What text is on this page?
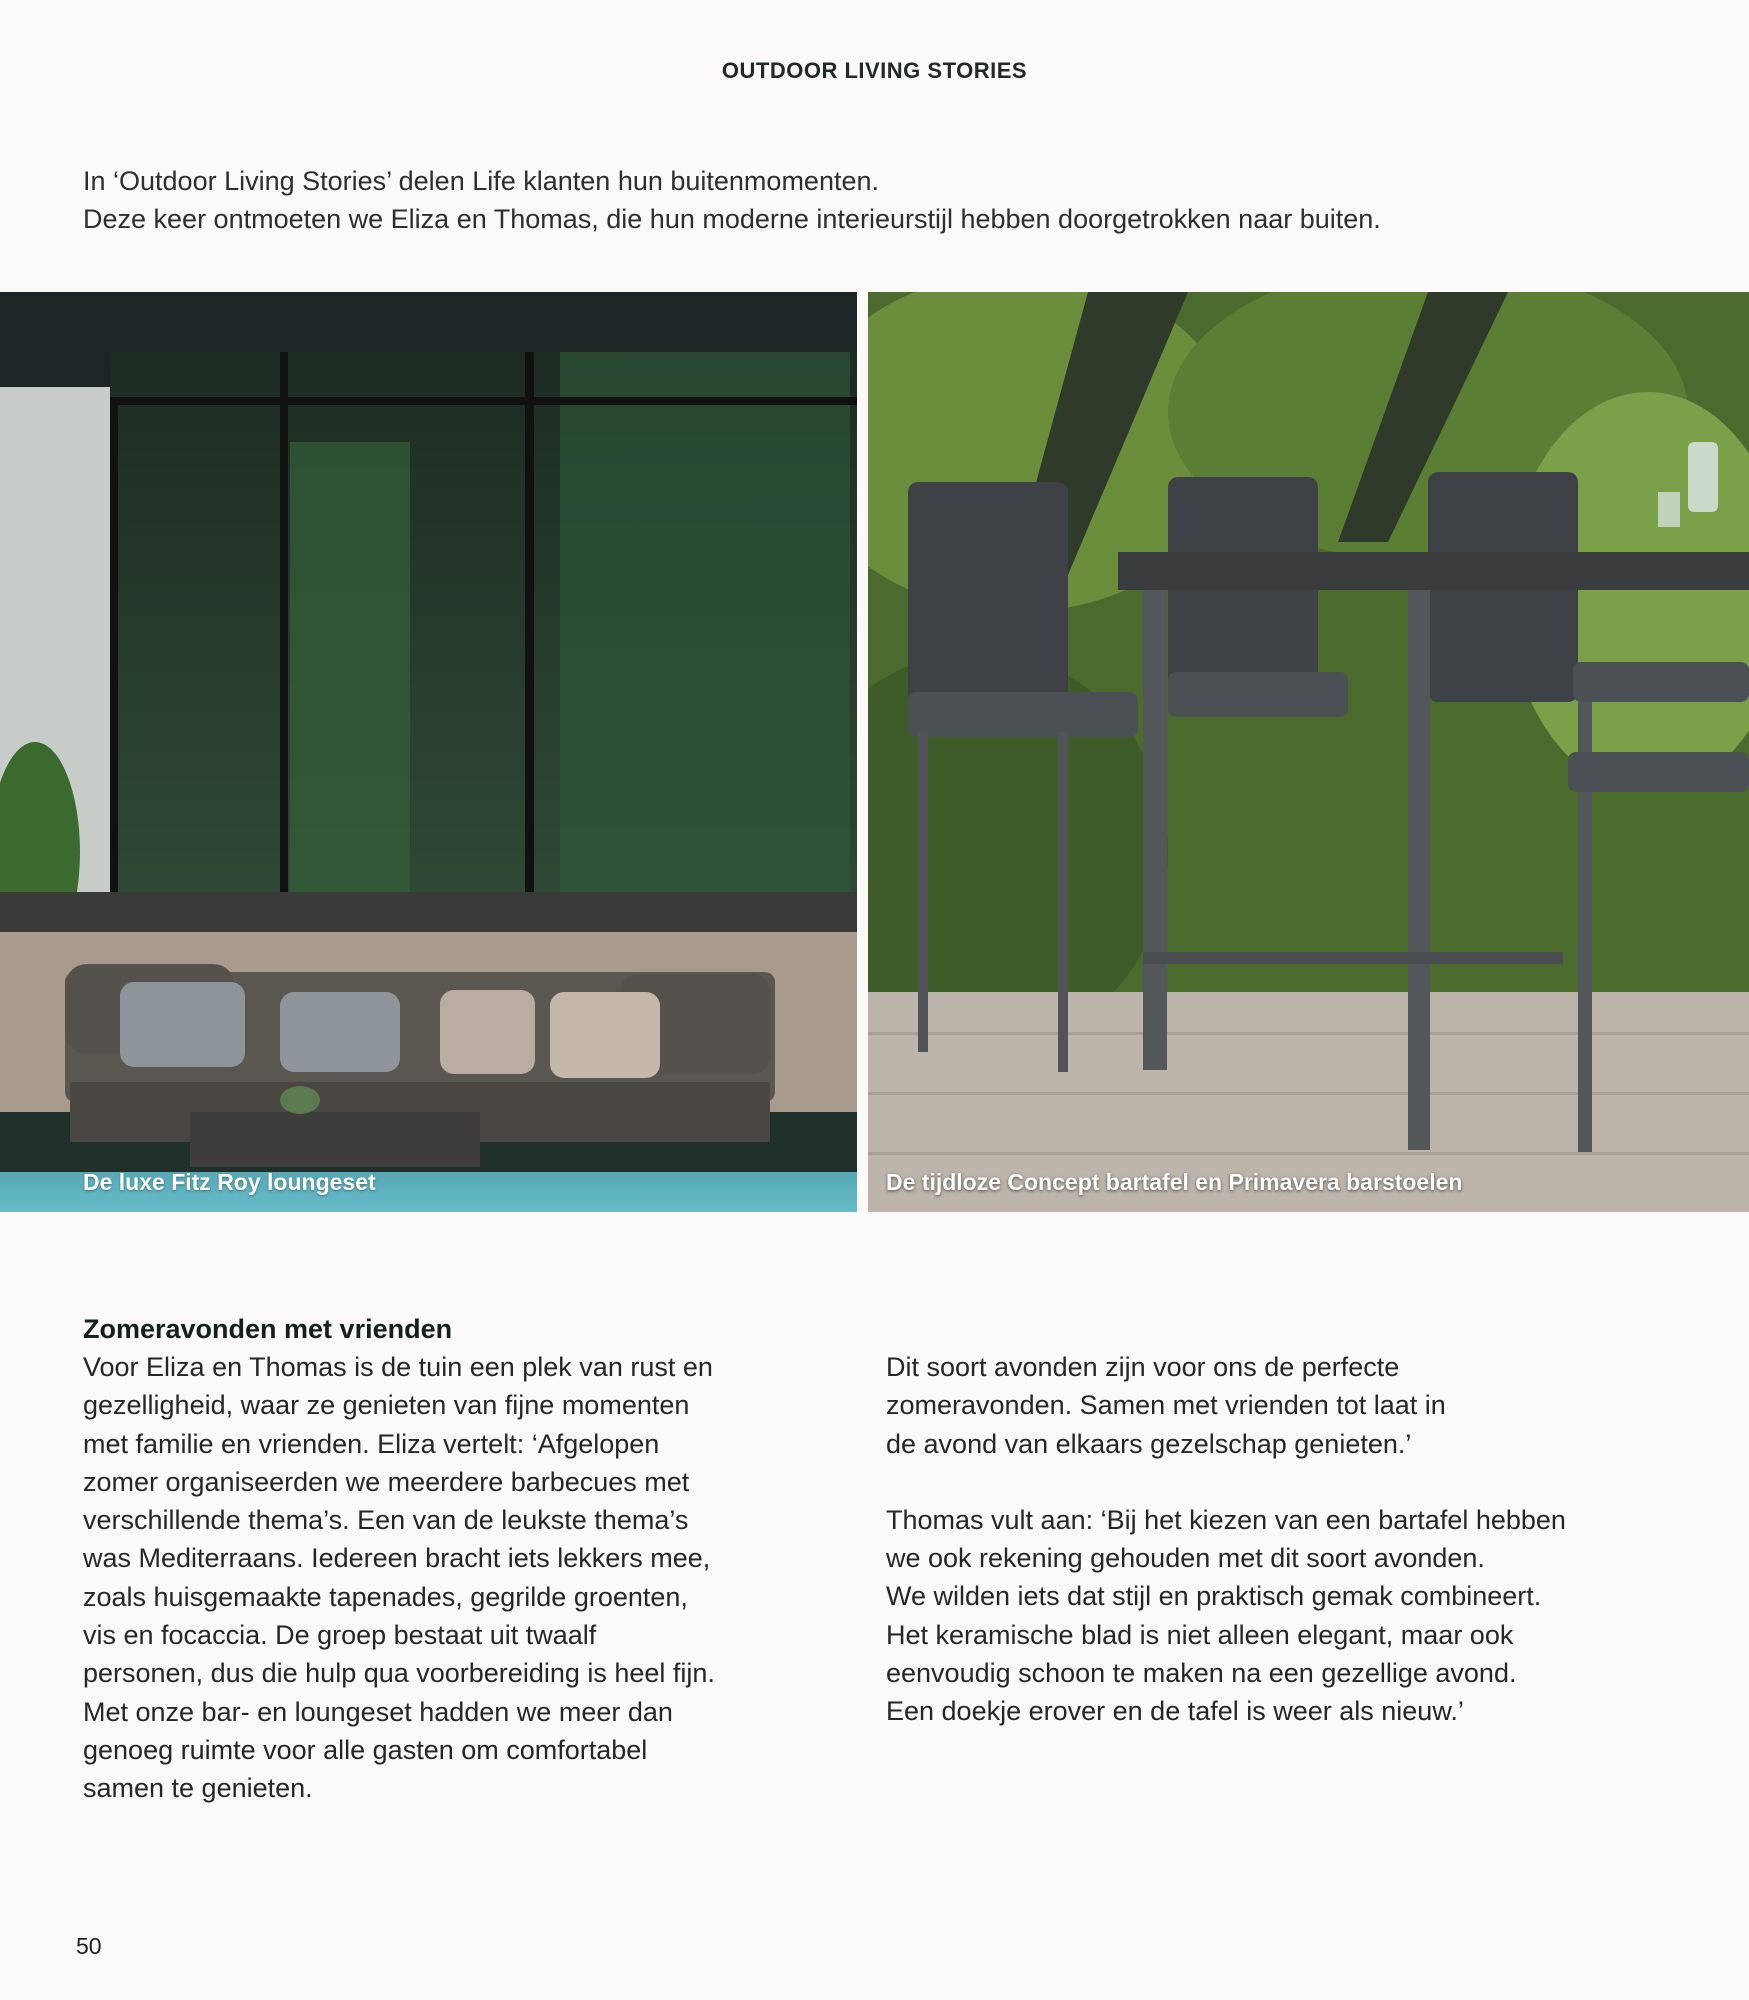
OUTDOOR LIVING STORIES

In ‘Outdoor Living Stories’ delen Life klanten hun buitenmomenten.

Deze keer ontmoeten we Eliza en Thomas, die hun moderne interieurstijl hebben doorgetrokken naar buiten.

De luxe Fitz Roy loungeset	De tijdloze Concept bartafel en Primavera barstoelen
Zomeravonden met vrienden

Voor Eliza en Thomas is de tuin een plek van rust en
gezelligheid, waar ze genieten van fijne momenten
met familie en vrienden. Eliza vertelt: ‘Afgelopen
zomer organiseerden we meerdere barbecues met
verschillende thema’s. Een van de leukste thema’s
was Mediterraans. Iedereen bracht iets lekkers mee,
zoals huisgemaakte tapenades, gegrilde groenten,
vis en focaccia. De groep bestaat uit twaalf
personen, dus die hulp qua voorbereiding is heel fijn.
Met onze bar- en loungeset hadden we meer dan
genoeg ruimte voor alle gasten om comfortabel
samen te genieten.

Dit soort avonden zijn voor ons de perfecte
zomeravonden. Samen met vrienden tot laat in
de avond van elkaars gezelschap genieten.’

Thomas vult aan: ‘Bij het kiezen van een bartafel hebben
we ook rekening gehouden met dit soort avonden.
We wilden iets dat stijl en praktisch gemak combineert.
Het keramische blad is niet alleen elegant, maar ook
eenvoudig schoon te maken na een gezellige avond.
Een doekje erover en de tafel is weer als nieuw.’

50
